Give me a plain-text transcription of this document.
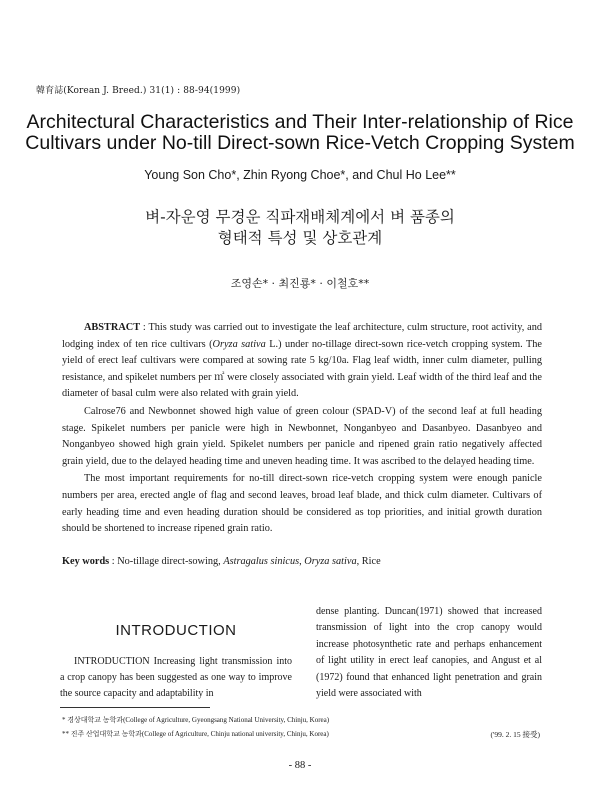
韓育誌(Korean J. Breed.) 31(1) : 88-94(1999)
Architectural Characteristics and Their Inter-relationship of Rice
Cultivars under No-till Direct-sown Rice-Vetch Cropping System
Young Son Cho*, Zhin Ryong Choe*, and Chul Ho Lee**
벼-자운영 무경운 직파재배체계에서 벼 품종의
형태적 특성 및 상호관계
조영손* · 최진룡* · 이철호**

ABSTRACT : This study was carried out to investigate the leaf architecture, culm structure, root activity, and lodging index of ten rice cultivars (Oryza sativa L.) under no-tillage direct-sown rice-vetch cropping system. The yield of erect leaf cultivars were compared at sowing rate 5 kg/10a. Flag leaf width, inner culm diameter, pulling resistance, and spikelet numbers per ㎡ were closely associated with grain yield. Leaf width of the third leaf and the diameter of basal culm were also related with grain yield.

Calrose76 and Newbonnet showed high value of green colour (SPAD-V) of the second leaf at full heading stage. Spikelet numbers per panicle were high in Newbonnet, Nonganbyeo and Dasanbyeo. Dasanbyeo and Nonganbyeo showed high grain yield. Spikelet numbers per panicle and ripened grain ratio negatively affected grain yield, due to the delayed heading time and uneven heading time. It was ascribed to the delayed heading time.

The most important requirements for no-till direct-sown rice-vetch cropping system were enough panicle numbers per area, erected angle of flag and second leaves, broad leaf blade, and thick culm diameter. Cultivars of early heading time and even heading duration should be considered as top priorities, and initial growth duration should be shortened to increase ripened grain ratio.

Key words : No-tillage direct-sowing, Astragalus sinicus, Oryza sativa, Rice
INTRODUCTION
INTRODUCTION Increasing light transmission into a crop canopy has been suggested as one way to improve the source capacity and adaptability in
dense planting. Duncan(1971) showed that increased transmission of light into the crop canopy would increase photosynthetic rate and perhaps enhancement of light utility in erect leaf canopies, and Angust et al (1972) found that enhanced light penetration and grain yield were associated with
* 경상대학교 농학과(College of Agriculture, Gyeongsang National University, Chinju, Korea)
** 진주 산업대학교 농학과(College of Agriculture, Chinju national university, Chinju, Korea)	('99. 2. 15 接受)
- 88 -
